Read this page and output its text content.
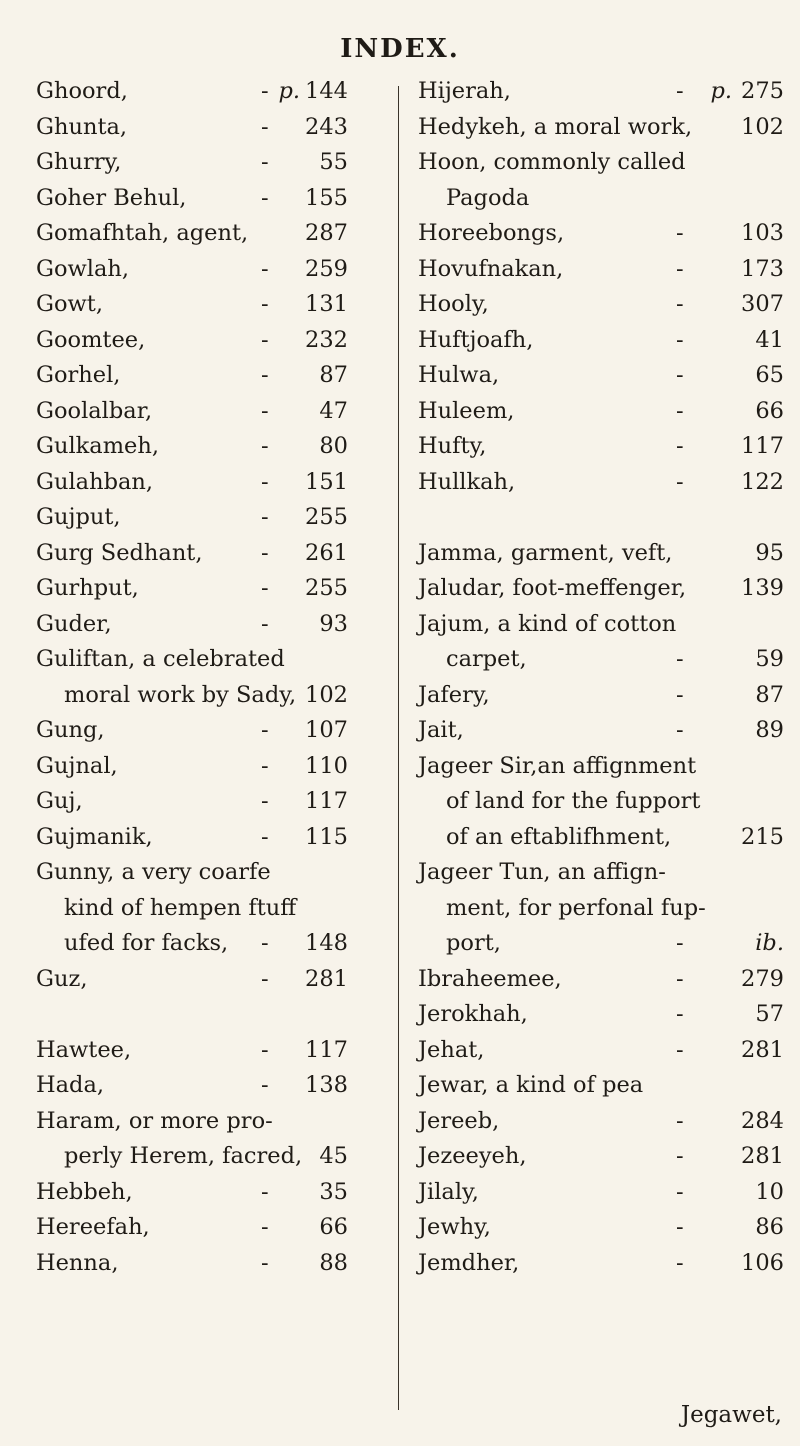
INDEX.
Ghoord,	- p. 144
Ghunta,	- 243
Ghurry,	- 55
Goher Behul,	- 155
Gomafhtah, agent,	287
Gowlah,	- 259
Gowt,	- 131
Goomtee,	- 232
Gorhel,	- 87
Goolalbar,	- 47
Gulkameh,	- 80
Gulahban,	- 151
Gujput,	- 255
Gurg Sedhant,	- 261
Gurhput,	- 255
Guder,	- 93
Guliftan, a celebrated
moral work by Sady, 102
Gung,	- 107
Gujnal,	- 110
Guj,	- 117
Gujmanik,	- 115
Gunny, a very coarfe
kind of hempen ftuff
ufed for facks, - 148
Guz,	- 281
Hawtee,	- 117
Hada,	- 138
Haram, or more pro-
perly Herem, facred, 45
Hebbeh,	- 35
Hereefah,	- 66
Henna,	- 88
Hijerah,	- p. 275
Hedykeh, a moral work, 102
Hoon, commonly called
Pagoda
Horeebongs,	-	103
Hovufnakan,	-	173
Hooly,	-	307
Huftjoafh,	-	41
Hulwa,	-	65
Huleem,	-	66
Hufty,	-	117
Hullkah,	-	122
Jamma, garment, veft,	95
Jaludar, foot-meffenger, 139
Jajum, a kind of cotton
carpet,	-	59
Jafery,	-	87
Jait,	-	89
Jageer Sir,an affignment
of land for the fupport
of an eftablifhment,	215
Jageer Tun, an affign-
ment, for perfonal fup-
port,	-	ib.
Ibraheemee,	-	279
Jerokhah,	-	57
Jehat,	-	281
Jewar, a kind of pea
Jereeb,	-	284
Jezeeyeh,	-	281
Jilaly,	-	10
Jewhy,	-	86
Jemdher,	-	106
Jegawet,
